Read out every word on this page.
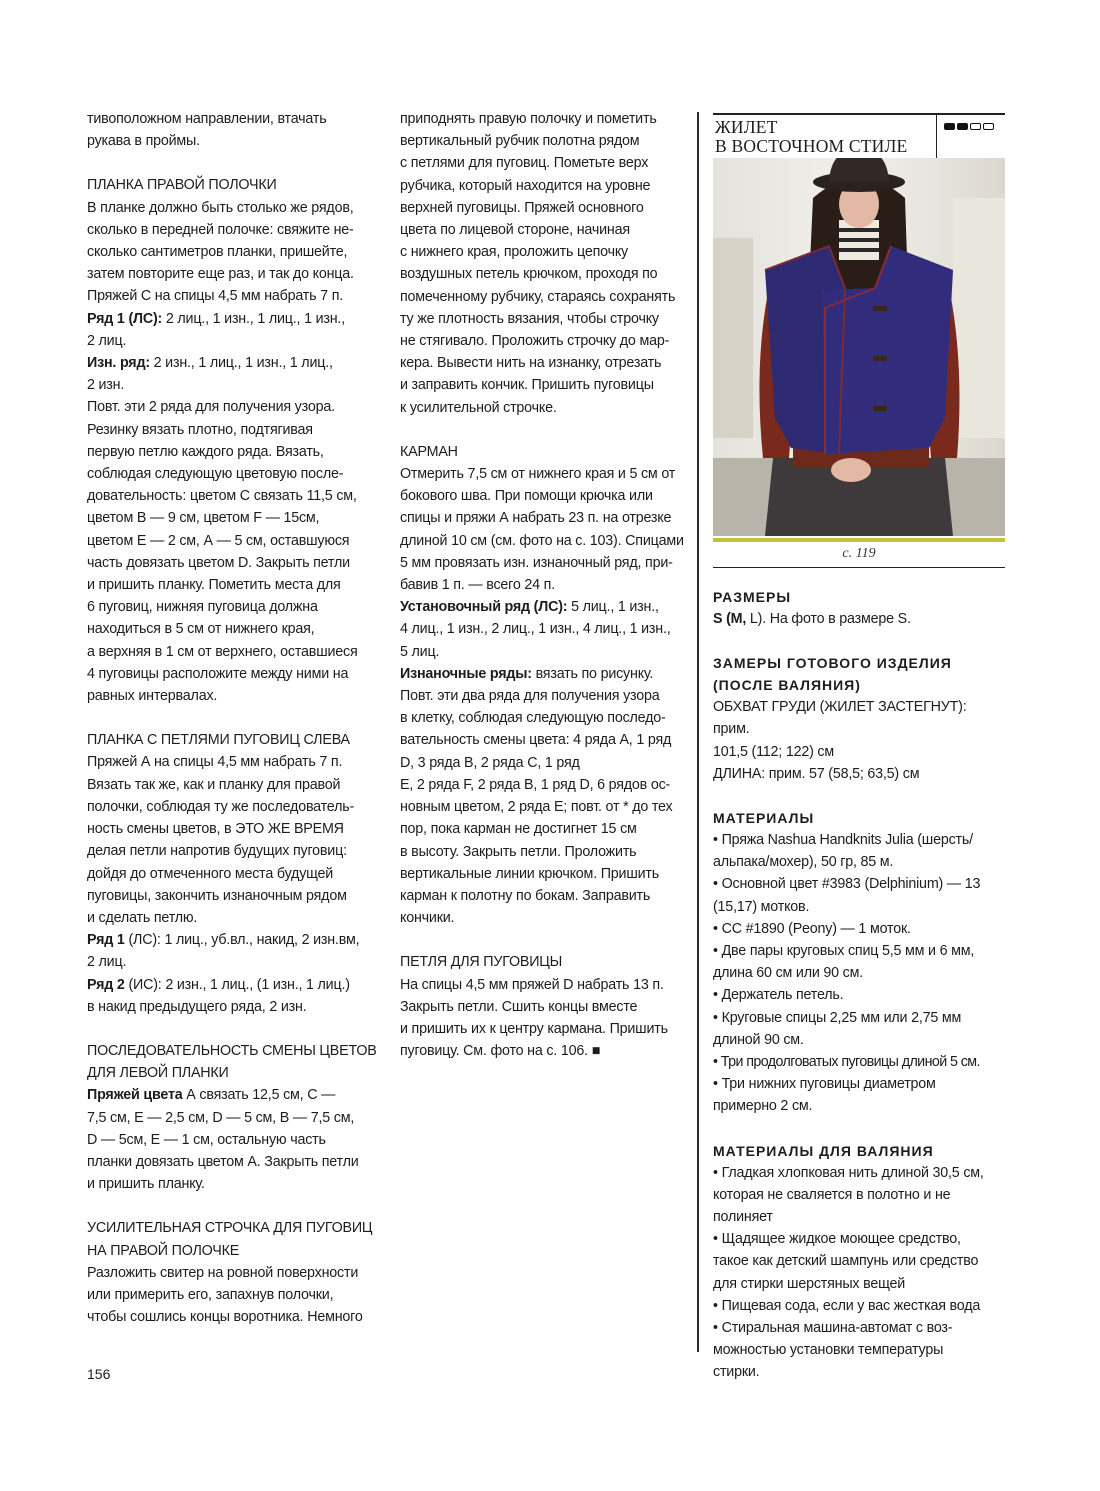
тивоположном направлении, втачать

рукава в проймы.

ПЛАНКА ПРАВОЙ ПОЛОЧКИ

В планке должно быть столько же рядов,

сколько в передней полочке: свяжите не-

сколько сантиметров планки, пришейте,

затем повторите еще раз, и так до конца.

Пряжей С на спицы 4,5 мм набрать 7 п.

Ряд 1 (ЛС): 2 лиц., 1 изн., 1 лиц., 1 изн.,

2 лиц.

Изн. ряд: 2 изн., 1 лиц., 1 изн., 1 лиц.,

2 изн.

Повт. эти 2 ряда для получения узора.

Резинку вязать плотно, подтягивая

первую петлю каждого ряда. Вязать,

соблюдая следующую цветовую после-

довательность: цветом С связать 11,5 см,

цветом В — 9 см, цветом F — 15см,

цветом Е — 2 см, А — 5 см, оставшуюся

часть довязать цветом D. Закрыть петли

и пришить планку. Пометить места для

6 пуговиц, нижняя пуговица должна

находиться в 5 см от нижнего края,

а верхняя в 1 см от верхнего, оставшиеся

4 пуговицы расположите между ними на

равных интервалах.

ПЛАНКА С ПЕТЛЯМИ ПУГОВИЦ СЛЕВА

Пряжей А на спицы 4,5 мм набрать 7 п.

Вязать так же, как и планку для правой

полочки, соблюдая ту же последователь-

ность смены цветов, в ЭТО ЖЕ ВРЕМЯ

делая петли напротив будущих пуговиц:

дойдя до отмеченного места будущей

пуговицы, закончить изнаночным рядом

и сделать петлю.

Ряд 1 (ЛС): 1 лиц., уб.вл., накид, 2 изн.вм,

2 лиц.

Ряд 2 (ИС): 2 изн., 1 лиц., (1 изн., 1 лиц.)

в накид предыдущего ряда, 2 изн.

ПОСЛЕДОВАТЕЛЬНОСТЬ СМЕНЫ ЦВЕТОВ
ДЛЯ ЛЕВОЙ ПЛАНКИ

Пряжей цвета А связать 12,5 см, С —

7,5 см, Е — 2,5 см, D — 5 см, В — 7,5 см,

D — 5см, Е — 1 см, остальную часть

планки довязать цветом А. Закрыть петли

и пришить планку.

УСИЛИТЕЛЬНАЯ СТРОЧКА ДЛЯ ПУГОВИЦ
НА ПРАВОЙ ПОЛОЧКЕ

Разложить свитер на ровной поверхности

или примерить его, запахнув полочки,

чтобы сошлись концы воротника. Немного

приподнять правую полочку и пометить

вертикальный рубчик полотна рядом

с петлями для пуговиц. Пометьте верх

рубчика, который находится на уровне

верхней пуговицы. Пряжей основного

цвета по лицевой стороне, начиная

с нижнего края, проложить цепочку

воздушных петель крючком, проходя по

помеченному рубчику, стараясь сохранять

ту же плотность вязания, чтобы строчку

не стягивало. Проложить строчку до мар-

кера. Вывести нить на изнанку, отрезать

и заправить кончик. Пришить пуговицы

к усилительной строчке.

КАРМАН

Отмерить 7,5 см от нижнего края и 5 см от

бокового шва. При помощи крючка или

спицы и пряжи А набрать 23 п. на отрезке

длиной 10 см (см. фото на с. 103). Спицами

5 мм провязать изн. изнаночный ряд, при-

бавив 1 п. — всего 24 п.

Установочный ряд (ЛС): 5 лиц., 1 изн.,

4 лиц., 1 изн., 2 лиц., 1 изн., 4 лиц., 1 изн.,

5 лиц.

Изнаночные ряды: вязать по рисунку.

Повт. эти два ряда для получения узора

в клетку, соблюдая следующую последо-

вательность смены цвета: 4 ряда А, 1 ряд

D, 3 ряда В, 2 ряда С, 1 ряд

Е, 2 ряда F, 2 ряда В, 1 ряд D, 6 рядов ос-

новным цветом, 2 ряда Е; повт. от * до тех

пор, пока карман не достигнет 15 см

в высоту. Закрыть петли. Проложить

вертикальные линии крючком. Пришить

карман к полотну по бокам. Заправить

кончики.

ПЕТЛЯ ДЛЯ ПУГОВИЦЫ

На спицы 4,5 мм пряжей D набрать 13 п.

Закрыть петли. Сшить концы вместе

и пришить их к центру кармана. Пришить

пуговицу. См. фото на с. 106. ■

ЖИЛЕТ
В ВОСТОЧНОМ СТИЛЕ
с. 119
РАЗМЕРЫ

S (M, L). На фото в размере S.

ЗАМЕРЫ ГОТОВОГО ИЗДЕЛИЯ
(ПОСЛЕ ВАЛЯНИЯ)

ОБХВАТ ГРУДИ (ЖИЛЕТ ЗАСТЕГНУТ): прим.

101,5 (112; 122) см

ДЛИНА: прим. 57 (58,5; 63,5) см

МАТЕРИАЛЫ

• Пряжа Nashua Handknits Julia (шерсть/

альпака/мохер), 50 гр, 85 м.

• Основной цвет #3983 (Delphinium) — 13

(15,17) мотков.

• СС #1890 (Peony) — 1 моток.

• Две пары круговых спиц 5,5 мм и 6 мм,

длина 60 см или 90 см.

• Держатель петель.

• Круговые спицы 2,25 мм или 2,75 мм

длиной 90 см.

• Три продолговатых пуговицы длиной 5 см.

• Три нижних пуговицы диаметром

примерно 2 см.

МАТЕРИАЛЫ ДЛЯ ВАЛЯНИЯ

• Гладкая хлопковая нить длиной 30,5 см,

которая не сваляется в полотно и не

полиняет

• Щадящее жидкое моющее средство,

такое как детский шампунь или средство

для стирки шерстяных вещей

• Пищевая сода, если у вас жесткая вода

• Стиральная машина-автомат с воз-

можностью установки температуры

стирки.

156
